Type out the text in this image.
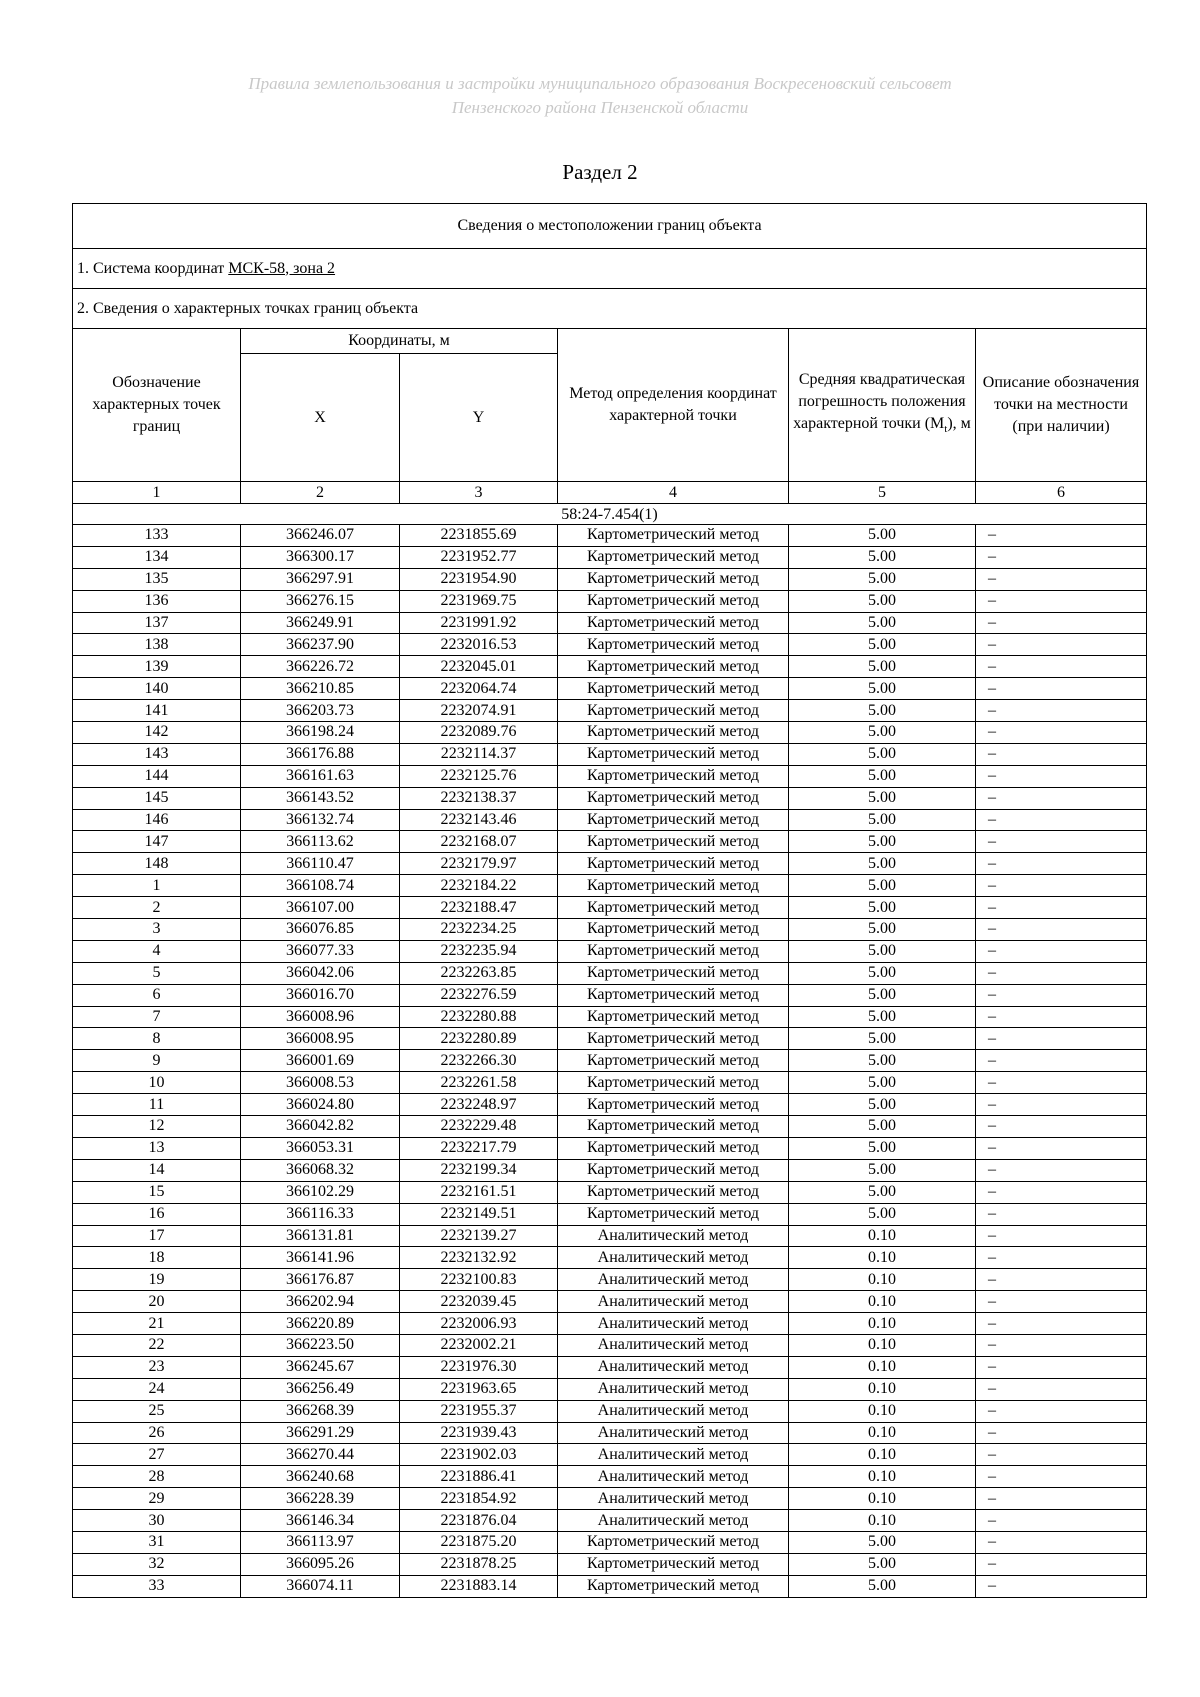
Правила землепользования и застройки муниципального образования Воскресеновский сельсовет
Пензенского района Пензенской области
Раздел 2
Сведения о местоположении границ объекта					
1. Система координат МСК-58, зона 2					
2. Сведения о характерных точках границ объекта					
Обозначение характерных точек границ	Координаты, м		Метод определения координат характерной точки	Средняя квадратическая погрешность положения характерной точки $(M_t)$, м	Описание обозначения точки на местности (при наличии)
	X	Y			
1	2	3	4	5	6
58:24-7.454(1)					
133	366246.07	2231855.69	Картометрический метод	5.00	–
134	366300.17	2231952.77	Картометрический метод	5.00	–
135	366297.91	2231954.90	Картометрический метод	5.00	–
136	366276.15	2231969.75	Картометрический метод	5.00	–
137	366249.91	2231991.92	Картометрический метод	5.00	–
138	366237.90	2232016.53	Картометрический метод	5.00	–
139	366226.72	2232045.01	Картометрический метод	5.00	–
140	366210.85	2232064.74	Картометрический метод	5.00	–
141	366203.73	2232074.91	Картометрический метод	5.00	–
142	366198.24	2232089.76	Картометрический метод	5.00	–
143	366176.88	2232114.37	Картометрический метод	5.00	–
144	366161.63	2232125.76	Картометрический метод	5.00	–
145	366143.52	2232138.37	Картометрический метод	5.00	–
146	366132.74	2232143.46	Картометрический метод	5.00	–
147	366113.62	2232168.07	Картометрический метод	5.00	–
148	366110.47	2232179.97	Картометрический метод	5.00	–
1	366108.74	2232184.22	Картометрический метод	5.00	–
2	366107.00	2232188.47	Картометрический метод	5.00	–
3	366076.85	2232234.25	Картометрический метод	5.00	–
4	366077.33	2232235.94	Картометрический метод	5.00	–
5	366042.06	2232263.85	Картометрический метод	5.00	–
6	366016.70	2232276.59	Картометрический метод	5.00	–
7	366008.96	2232280.88	Картометрический метод	5.00	–
8	366008.95	2232280.89	Картометрический метод	5.00	–
9	366001.69	2232266.30	Картометрический метод	5.00	–
10	366008.53	2232261.58	Картометрический метод	5.00	–
11	366024.80	2232248.97	Картометрический метод	5.00	–
12	366042.82	2232229.48	Картометрический метод	5.00	–
13	366053.31	2232217.79	Картометрический метод	5.00	–
14	366068.32	2232199.34	Картометрический метод	5.00	–
15	366102.29	2232161.51	Картометрический метод	5.00	–
16	366116.33	2232149.51	Картометрический метод	5.00	–
17	366131.81	2232139.27	Аналитический метод	0.10	–
18	366141.96	2232132.92	Аналитический метод	0.10	–
19	366176.87	2232100.83	Аналитический метод	0.10	–
20	366202.94	2232039.45	Аналитический метод	0.10	–
21	366220.89	2232006.93	Аналитический метод	0.10	–
22	366223.50	2232002.21	Аналитический метод	0.10	–
23	366245.67	2231976.30	Аналитический метод	0.10	–
24	366256.49	2231963.65	Аналитический метод	0.10	–
25	366268.39	2231955.37	Аналитический метод	0.10	–
26	366291.29	2231939.43	Аналитический метод	0.10	–
27	366270.44	2231902.03	Аналитический метод	0.10	–
28	366240.68	2231886.41	Аналитический метод	0.10	–
29	366228.39	2231854.92	Аналитический метод	0.10	–
30	366146.34	2231876.04	Аналитический метод	0.10	–
31	366113.97	2231875.20	Картометрический метод	5.00	–
32	366095.26	2231878.25	Картометрический метод	5.00	–
33	366074.11	2231883.14	Картометрический метод	5.00	–
